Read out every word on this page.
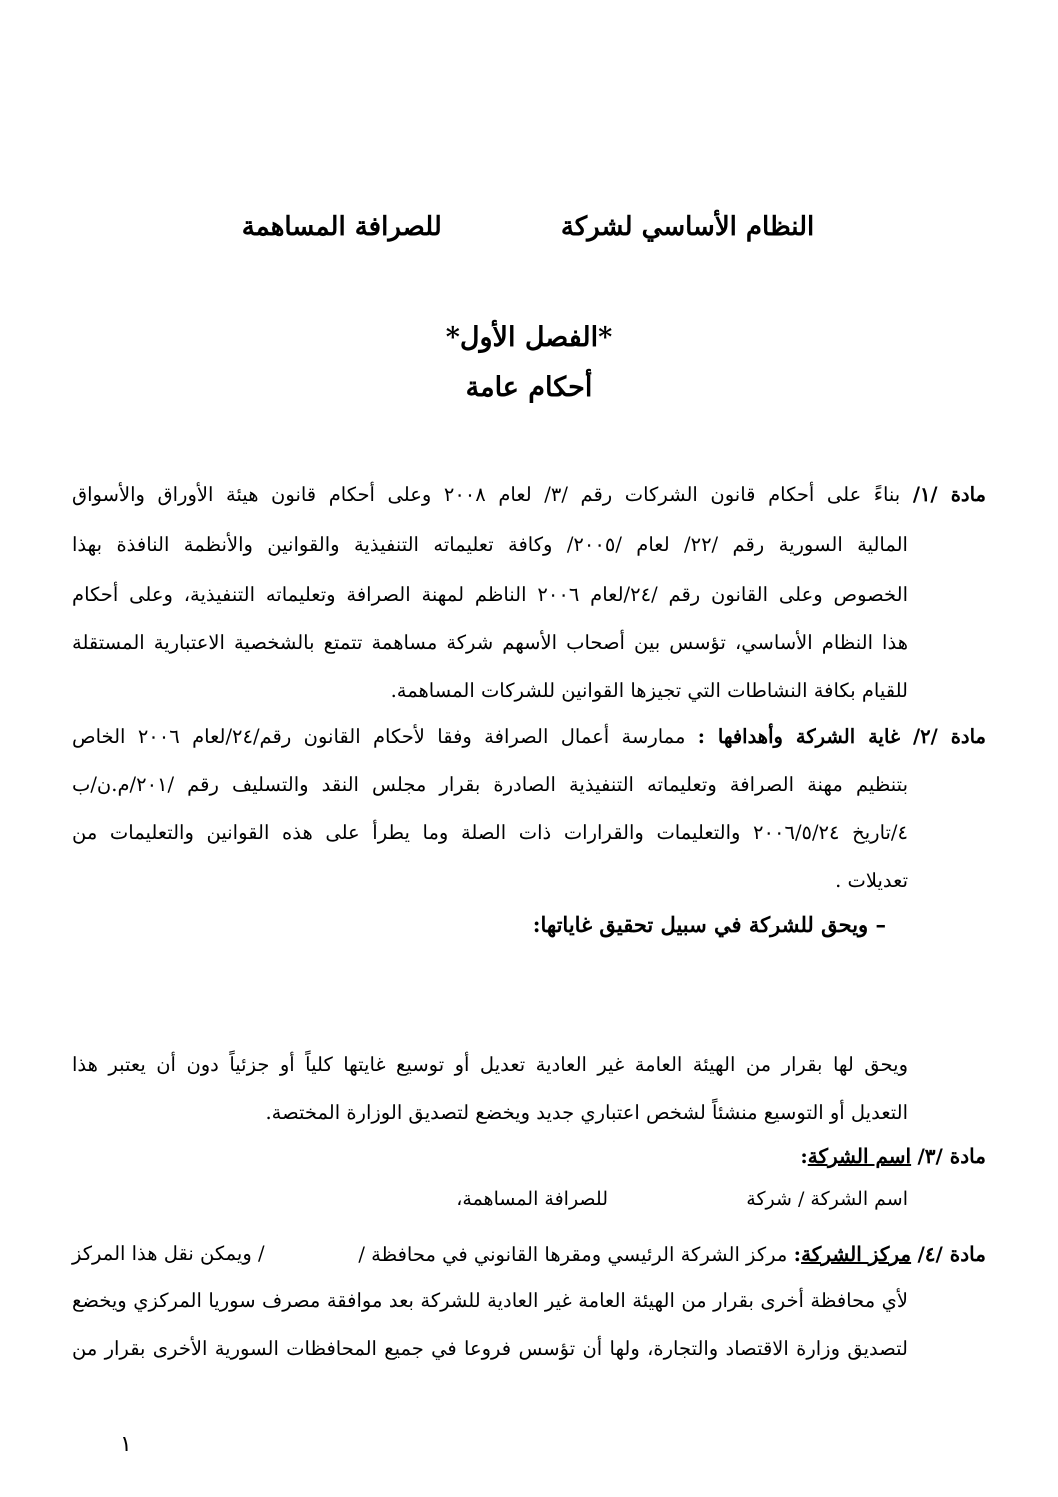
النظام الأساسي لشركة للصرافة المساهمة
*الفصل الأول*
أحكام عامة
مادة /١/ بناءً على أحكام قانون الشركات رقم /٣/ لعام ٢٠٠٨ وعلى أحكام قانون هيئة الأوراق والأسواق
المالية السورية رقم /٢٢/ لعام /٢٠٠٥/ وكافة تعليماته التنفيذية والقوانين والأنظمة النافذة بهذا
الخصوص وعلى القانون رقم /٢٤/لعام ٢٠٠٦ الناظم لمهنة الصرافة وتعليماته التنفيذية، وعلى أحكام
هذا النظام الأساسي، تؤسس بين أصحاب الأسهم شركة مساهمة تتمتع بالشخصية الاعتبارية المستقلة
للقيام بكافة النشاطات التي تجيزها القوانين للشركات المساهمة.
مادة /٢/ غاية الشركة وأهدافها : ممارسة أعمال الصرافة وفقا لأحكام القانون رقم/٢٤/لعام ٢٠٠٦ الخاص
بتنظيم مهنة الصرافة وتعليماته التنفيذية الصادرة بقرار مجلس النقد والتسليف رقم /٢٠١/م.ن/ب
٤/تاريخ ٢٠٠٦/٥/٢٤ والتعليمات والقرارات ذات الصلة وما يطرأ على هذه القوانين والتعليمات من
تعديلات .
– ويحق للشركة في سبيل تحقيق غاياتها:
ويحق لها بقرار من الهيئة العامة غير العادية تعديل أو توسيع غايتها كلياً أو جزئياً دون أن يعتبر هذا
التعديل أو التوسيع منشئاً لشخص اعتباري جديد ويخضع لتصديق الوزارة المختصة.
مادة /٣/ اسم الشركة:
اسم الشركة / شركة
للصرافة المساهمة،
مادة /٤/ مركز الشركة: مركز الشركة الرئيسي ومقرها القانوني في محافظة /
/ ويمكن نقل هذا المركز
لأي محافظة أخرى بقرار من الهيئة العامة غير العادية للشركة بعد موافقة مصرف سوريا المركزي ويخضع
لتصديق وزارة الاقتصاد والتجارة، ولها أن تؤسس فروعا في جميع المحافظات السورية الأخرى بقرار من
١
